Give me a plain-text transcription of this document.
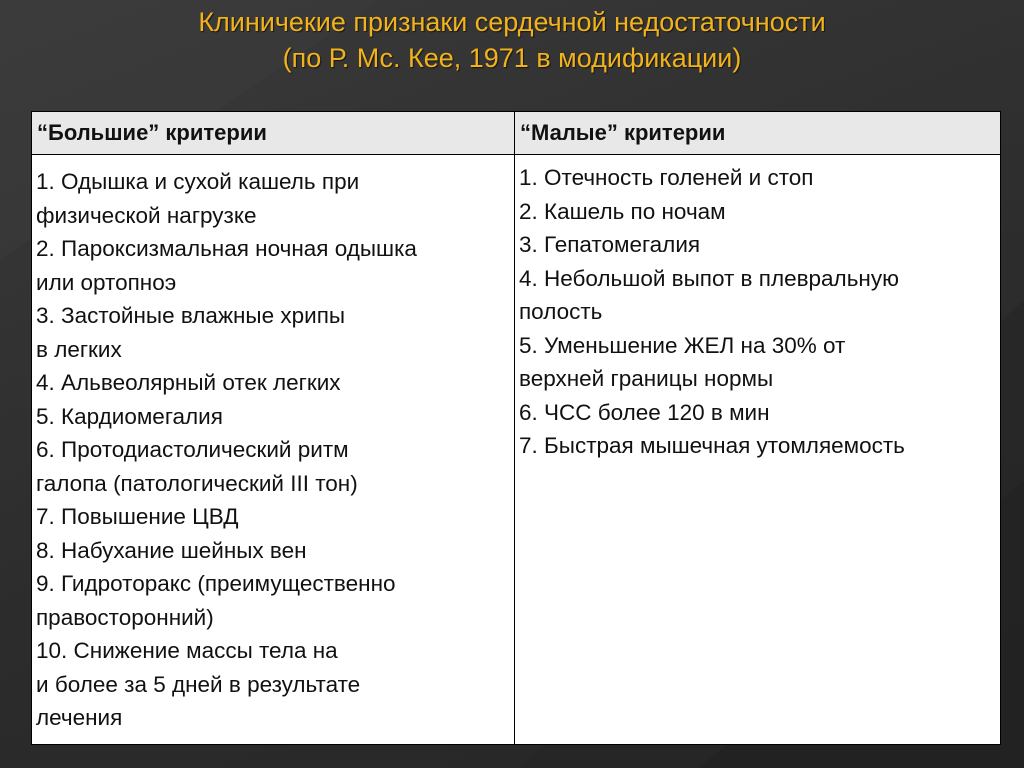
Клиничекие признаки сердечной недостаточности
(по Р. Мс. Кее, 1971 в модификации)
“Большие” критерии	“Малые” критерии
1. Одышка и сухой кашель при
физической нагрузке
2. Пароксизмальная ночная одышка
или ортопноэ
3. Застойные влажные хрипы
в легких
4. Альвеолярный отек легких
5. Кардиомегалия
6. Протодиастолический ритм
галопа (патологический III тон)
7. Повышение ЦВД
8. Набухание шейных вен
9. Гидроторакс (преимущественно
правосторонний)
10. Снижение массы тела на
и более за 5 дней в результате
лечения
1. Отечность голеней и стоп
2. Кашель по ночам
3. Гепатомегалия
4. Небольшой выпот в плевральную
полость
5. Уменьшение ЖЕЛ на 30% от
верхней границы нормы
6. ЧСС более 120 в мин
7. Быстрая мышечная утомляемость
